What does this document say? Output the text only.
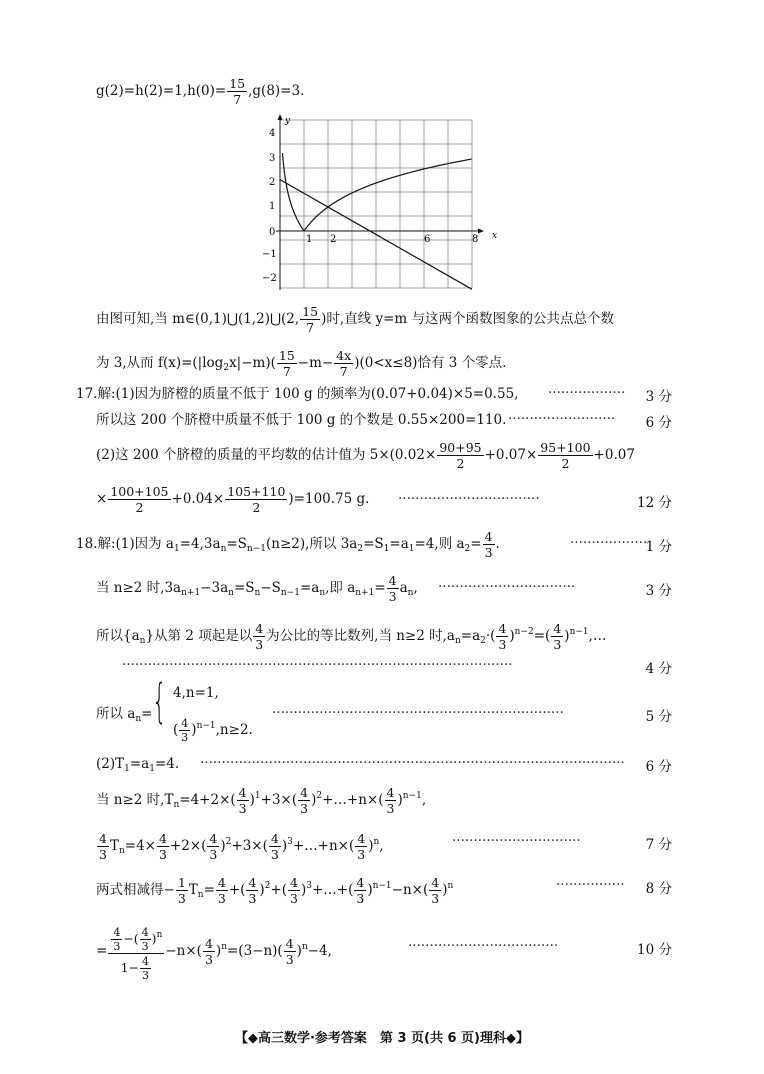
$g(2)=h(2)=1,h(0)= \frac{15}{7} ,g(8)=3$.
4
3
2
1
0
−1
−2
y
1 2	6	8 x
由图可知,当 m∈(0,1)⋃(1,2)⋃(2, $\frac{15}{7}$ )时,直线 y=m 与这两个函数图象的公共点总个数
为 3,从而 $f(x)=(|\log_2x|-m)( \frac{15}{7} -m- \frac{4x}{7} )(0<x\le 8)$恰有 3 个零点.
17.解:(1)因为脐橙的质量不低于 100 g 的频率为(0.07+0.04)×5=0.55, ·················· 3 分
所以这 200 个脐橙中质量不低于 100 g 的个数是 0.55×200=110. ························· 6 分
(2)这 200 个脐橙的质量的平均数的估计值为 $5\times(0.02\times \frac{90+95}{2} +0.07\times \frac{95+100}{2} +0.07$
× $\frac{100+105}{2} +0.04\times \frac{105+110}{2} )=100.75$ g. ·································	12 分
18.解:(1)因为 $a_1=4,3a_n=S_{n-1}(n\ge 2)$,所以 $3a_2=S_1=a_1=4$,则 $a_2= \frac{4}{3}$ .	··················
1 分
当 n≥2 时$,3a_{n+1}-3a_n=S_n-S_{n-1}=a_n$,即 $a_{n+1}= \frac{4}{3} a_n$, ································	3 分
所以$\{a_n\}$从第 2 项起是以 $\frac{4}{3}$ 为公比的等比数列,当 n≥2 时$,a_n=a_2\cdot( \frac{4}{3} )^{n-2}=( \frac{4}{3}$ )$^{n-1},\dots$
···························································································	4 分
所以 $a_n=$ { 4,n=1,
( $\frac{4}{3} )^{n-1},n\ge 2$.
····································································	5 分
$(2)T_1=a_1=4$. ··································································································· 6 分
当 n≥2 时$,T_n=4+2\times( \frac{4}{3} )^1+3\times( \frac{4}{3}$ )$^2+\dots+n\times( \frac{4}{3} )^{n-1}$,
$\frac{4}{3} T_n=4\times \frac{4}{3} +2\times( \frac{4}{3} )^2+3\times( \frac{4}{3}$ )$^3+\dots+n\times( \frac{4}{3} )^n$,	······························	7 分
两式相减得− $\frac{1}{3} T_n= \frac{4}{3}$ +( $\frac{4}{3} )^2+( \frac{4}{3}$ )$^3+\dots+( \frac{4}{3} )^{n-1}-n\times( \frac{4}{3} )^n$	················ 8 分
= $\frac{\frac{4}{3} -( \frac{4}{3} )^n}{1- \frac{4}{3}} -n\times( \frac{4}{3} )^n=(3-n)( \frac{4}{3} )^n-4$,	···································	10 分
【◆高三数学·参考答案　第 3 页(共 6 页)理科◆】
